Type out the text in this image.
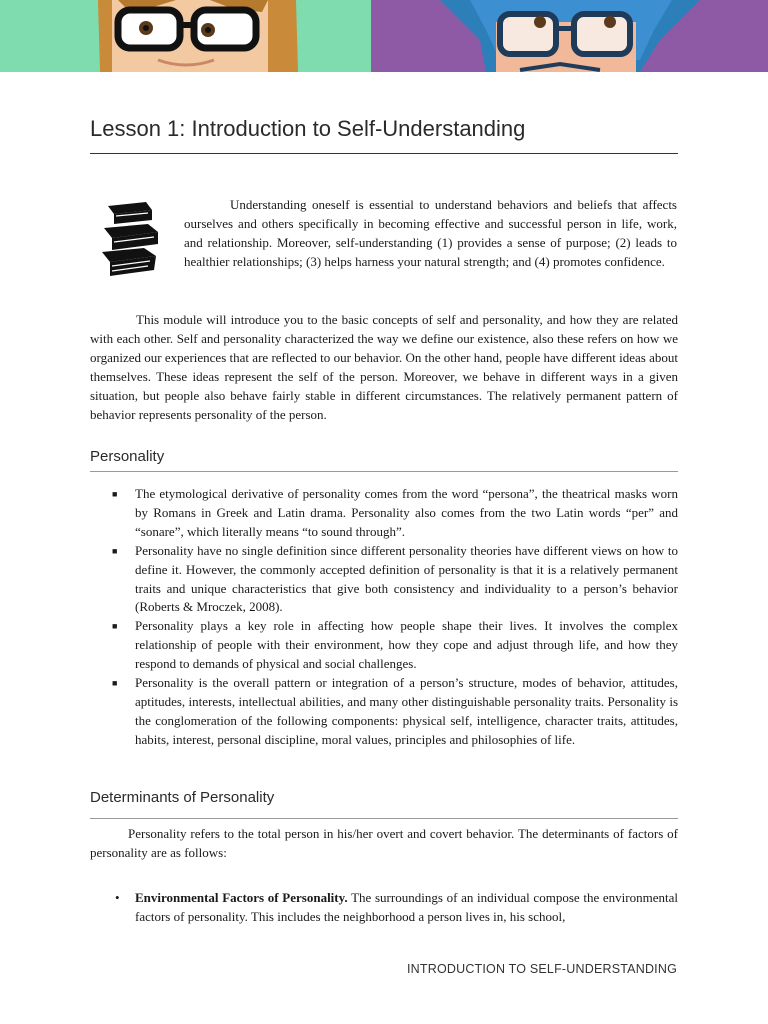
Lesson 1: Introduction to Self-Understanding

Understanding oneself is essential to understand behaviors and beliefs that affects ourselves and others specifically in becoming effective and successful person in life, work, and relationship. Moreover, self-understanding (1) provides a sense of purpose; (2) leads to healthier relationships; (3) helps harness your natural strength; and (4) promotes confidence.

This module will introduce you to the basic concepts of self and personality, and how they are related with each other. Self and personality characterized the way we define our existence, also these refers on how we organized our experiences that are reflected to our behavior. On the other hand, people have different ideas about themselves. These ideas represent the self of the person. Moreover, we behave in different ways in a given situation, but people also behave fairly stable in different circumstances. The relatively permanent pattern of behavior represents personality of the person.

Personality
■ The etymological derivative of personality comes from the word “persona”, the theatrical masks worn by Romans in Greek and Latin drama. Personality also comes from the two Latin words “per” and “sonare”, which literally means “to sound through”.
■ Personality have no single definition since different personality theories have different views on how to define it. However, the commonly accepted definition of personality is that it is a relatively permanent traits and unique characteristics that give both consistency and individuality to a person’s behavior (Roberts & Mroczek, 2008).
■ Personality plays a key role in affecting how people shape their lives. It involves the complex relationship of people with their environment, how they cope and adjust through life, and how they respond to demands of physical and social challenges.
■ Personality is the overall pattern or integration of a person’s structure, modes of behavior, attitudes, aptitudes, interests, intellectual abilities, and many other distinguishable personality traits. Personality is the conglomeration of the following components: physical self, intelligence, character traits, attitudes, habits, interest, personal discipline, moral values, principles and philosophies of life.
Determinants of Personality

Personality refers to the total person in his/her overt and covert behavior. The determinants of factors of personality are as follows:

• Environmental Factors of Personality. The surroundings of an individual compose the environmental factors of personality. This includes the neighborhood a person lives in, his school,
INTRODUCTION TO SELF-UNDERSTANDING
